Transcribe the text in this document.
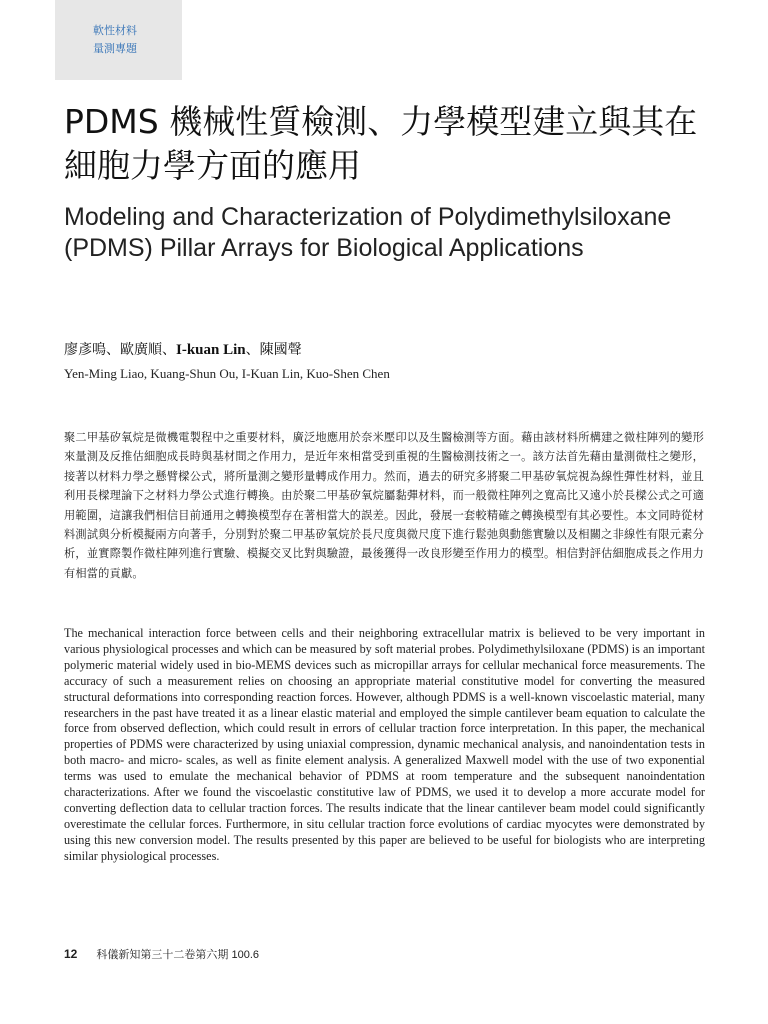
軟性材料
量測專題
PDMS 機械性質檢測、力學模型建立與其在細胞力學方面的應用
Modeling and Characterization of Polydimethylsiloxane (PDMS) Pillar Arrays for Biological Applications
廖彥鳴、歐廣順、I-kuan Lin、陳國聲
Yen-Ming Liao, Kuang-Shun Ou, I-Kuan Lin, Kuo-Shen Chen
聚二甲基矽氧烷是微機電製程中之重要材料，廣泛地應用於奈米壓印以及生醫檢測等方面。藉由該材料所構建之微柱陣列的變形來量測及反推估細胞成長時與基材間之作用力，是近年來相當受到重視的生醫檢測技術之一。該方法首先藉由量測微柱之變形，接著以材料力學之懸臂樑公式，將所量測之變形量轉成作用力。然而，過去的研究多將聚二甲基矽氧烷視為線性彈性材料，並且利用長樑理論下之材料力學公式進行轉換。由於聚二甲基矽氧烷屬黏彈材料，而一般微柱陣列之寬高比又遠小於長樑公式之可適用範圍，這讓我們相信目前通用之轉換模型存在著相當大的誤差。因此，發展一套較精確之轉換模型有其必要性。本文同時從材料測試與分析模擬兩方向著手，分別對於聚二甲基矽氧烷於長尺度與微尺度下進行鬆弛與動態實驗以及相關之非線性有限元素分析，並實際製作微柱陣列進行實驗、模擬交叉比對與驗證，最後獲得一改良形變至作用力的模型。相信對評估細胞成長之作用力有相當的貢獻。
The mechanical interaction force between cells and their neighboring extracellular matrix is believed to be very important in various physiological processes and which can be measured by soft material probes. Polydimethylsiloxane (PDMS) is an important polymeric material widely used in bio-MEMS devices such as micropillar arrays for cellular mechanical force measurements. The accuracy of such a measurement relies on choosing an appropriate material constitutive model for converting the measured structural deformations into corresponding reaction forces. However, although PDMS is a well-known viscoelastic material, many researchers in the past have treated it as a linear elastic material and employed the simple cantilever beam equation to calculate the force from observed deflection, which could result in errors of cellular traction force interpretation. In this paper, the mechanical properties of PDMS were characterized by using uniaxial compression, dynamic mechanical analysis, and nanoindentation tests in both macro- and micro- scales, as well as finite element analysis. A generalized Maxwell model with the use of two exponential terms was used to emulate the mechanical behavior of PDMS at room temperature and the subsequent nanoindentation characterizations. After we found the viscoelastic constitutive law of PDMS, we used it to develop a more accurate model for converting deflection data to cellular traction forces. The results indicate that the linear cantilever beam model could significantly overestimate the cellular forces. Furthermore, in situ cellular traction force evolutions of cardiac myocytes were demonstrated by using this new conversion model. The results presented by this paper are believed to be useful for biologists who are interpreting similar physiological processes.
12 科儀新知第三十二卷第六期 100.6
